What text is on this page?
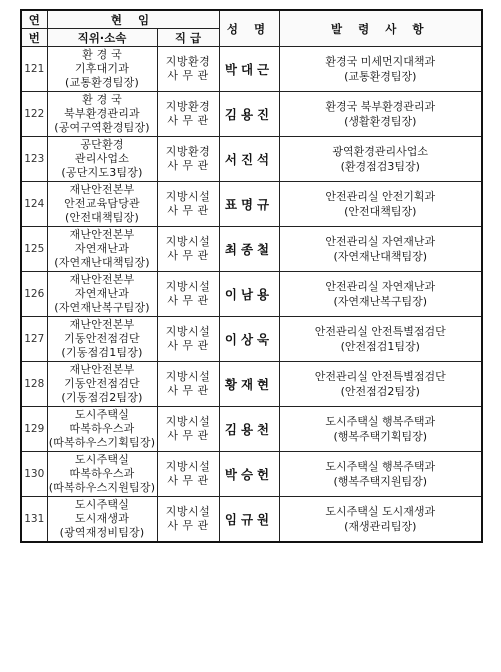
연	현 임		성 명	발 령 사 항
번	직위·소속	직 급		
121	환 경 국
기후대기과
(교통환경팀장)	지방환경
사 무 관	박대근	환경국 미세먼지대책과
(교통환경팀장)

122	환 경 국
북부환경관리과
(공여구역환경팀장)	지방환경
사 무 관	김용진	환경국 북부환경관리과
(생활환경팀장)

123	공단환경
관리사업소
(공단지도3팀장)	지방환경
사 무 관	서진석	광역환경관리사업소
(환경점검3팀장)

124	재난안전본부
안전교육담당관
(안전대책팀장)	지방시설
사 무 관	표명규	안전관리실 안전기획과
(안전대책팀장)

125	재난안전본부
자연재난과
(자연재난대책팀장)	지방시설
사 무 관	최종철	안전관리실 자연재난과
(자연재난대책팀장)

126	재난안전본부
자연재난과
(자연재난복구팀장)	지방시설
사 무 관	이남용	안전관리실 자연재난과
(자연재난복구팀장)

127	재난안전본부
기동안전점검단
(기동점검1팀장)	지방시설
사 무 관	이상욱	안전관리실 안전특별점검단
(안전점검1팀장)

128	재난안전본부
기동안전점검단
(기동점검2팀장)	지방시설
사 무 관	황재현	안전관리실 안전특별점검단
(안전점검2팀장)

129	도시주택실
따복하우스과
(따복하우스기획팀장)	지방시설
사 무 관	김용천	도시주택실 행복주택과
(행복주택기획팀장)

130	도시주택실
따복하우스과
(따복하우스지원팀장)	지방시설
사 무 관	박승헌	도시주택실 행복주택과
(행복주택지원팀장)

131	도시주택실
도시재생과
(광역재정비팀장)	지방시설
사 무 관	임규원	도시주택실 도시재생과
(재생관리팀장)
